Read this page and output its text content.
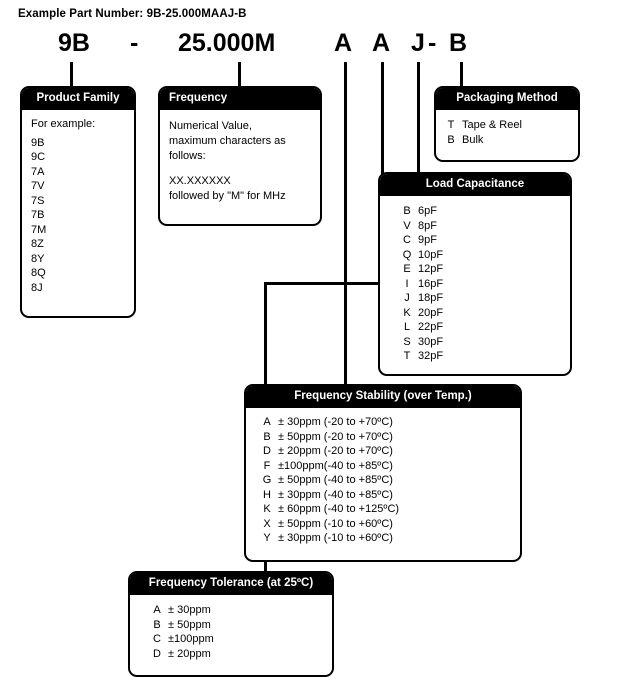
Example Part Number: 9B-25.000MAAJ-B
9B - 25.000M A A J - B
Product Family
For example:
9B
9C
7A
7V
7S
7B
7M
8Z
8Y
8Q
8J
Frequency
Numerical Value,
maximum characters as
follows:
XX.XXXXXX
followed by "M" for MHz
Packaging Method
T	Tape & Reel
B	Bulk
Load Capacitance
B	6pF
V	8pF
C	9pF
Q	10pF
E	12pF
I	16pF
J	18pF
K	20pF
L	22pF
S	30pF
T	32pF
Frequency Stability (over Temp.)
A	± 30ppm	(-20 to +70ºC)
B	± 50ppm	(-20 to +70ºC)
D	± 20ppm	(-20 to +70ºC)
F	±100ppm	(-40 to +85ºC)
G	± 50ppm	(-40 to +85ºC)
H	± 30ppm	(-40 to +85ºC)
K	± 60ppm	(-40 to +125ºC)
X	± 50ppm	(-10 to +60ºC)
Y	± 30ppm	(-10 to +60ºC)
Frequency Tolerance (at 25ºC)
A	± 30ppm
B	± 50ppm
C	±100ppm
D	± 20ppm
